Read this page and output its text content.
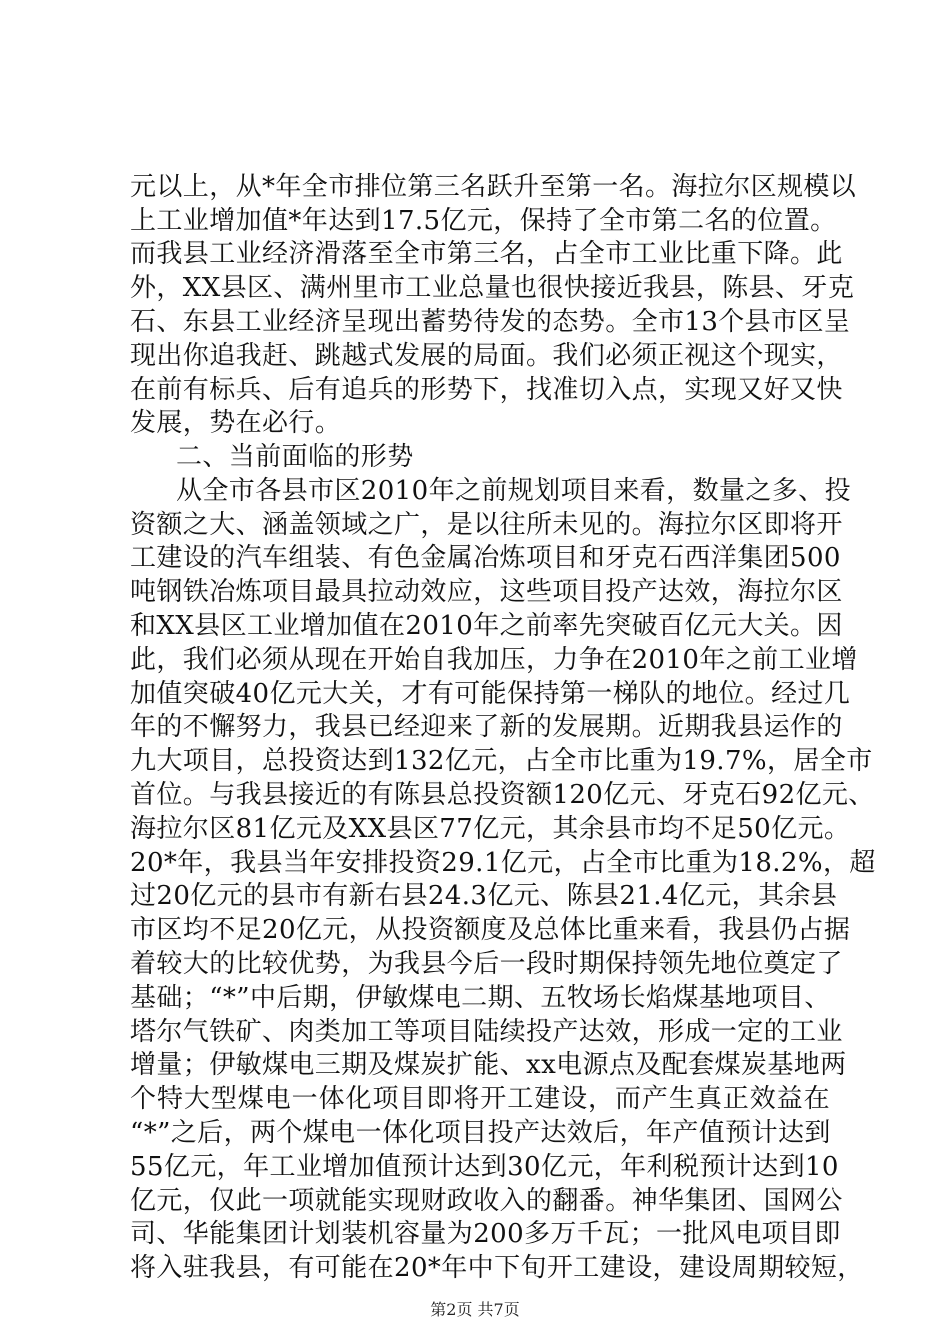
元以上，从*年全市排位第三名跃升至第一名。海拉尔区规模以
上工业增加值*年达到17.5亿元，保持了全市第二名的位置。
而我县工业经济滑落至全市第三名，占全市工业比重下降。此
外，XX县区、满州里市工业总量也很快接近我县，陈县、牙克
石、东县工业经济呈现出蓄势待发的态势。全市13个县市区呈
现出你追我赶、跳越式发展的局面。我们必须正视这个现实，
在前有标兵、后有追兵的形势下，找准切入点，实现又好又快
发展，势在必行。
二、当前面临的形势
从全市各县市区2010年之前规划项目来看，数量之多、投
资额之大、涵盖领域之广，是以往所未见的。海拉尔区即将开
工建设的汽车组装、有色金属冶炼项目和牙克石西洋集团500
吨钢铁冶炼项目最具拉动效应，这些项目投产达效，海拉尔区
和XX县区工业增加值在2010年之前率先突破百亿元大关。因
此，我们必须从现在开始自我加压，力争在2010年之前工业增
加值突破40亿元大关，才有可能保持第一梯队的地位。经过几
年的不懈努力，我县已经迎来了新的发展期。近期我县运作的
九大项目，总投资达到132亿元，占全市比重为19.7%，居全市
首位。与我县接近的有陈县总投资额120亿元、牙克石92亿元、
海拉尔区81亿元及XX县区77亿元，其余县市均不足50亿元。
20*年，我县当年安排投资29.1亿元，占全市比重为18.2%，超
过20亿元的县市有新右县24.3亿元、陈县21.4亿元，其余县
市区均不足20亿元，从投资额度及总体比重来看，我县仍占据
着较大的比较优势，为我县今后一段时期保持领先地位奠定了
基础；“*”中后期，伊敏煤电二期、五牧场长焰煤基地项目、
塔尔气铁矿、肉类加工等项目陆续投产达效，形成一定的工业
增量；伊敏煤电三期及煤炭扩能、xx电源点及配套煤炭基地两
个特大型煤电一体化项目即将开工建设，而产生真正效益在
“*”之后，两个煤电一体化项目投产达效后，年产值预计达到
55亿元，年工业增加值预计达到30亿元，年利税预计达到10
亿元，仅此一项就能实现财政收入的翻番。神华集团、国网公
司、华能集团计划装机容量为200多万千瓦；一批风电项目即
将入驻我县，有可能在20*年中下旬开工建设，建设周期较短，
第2页 共7页
